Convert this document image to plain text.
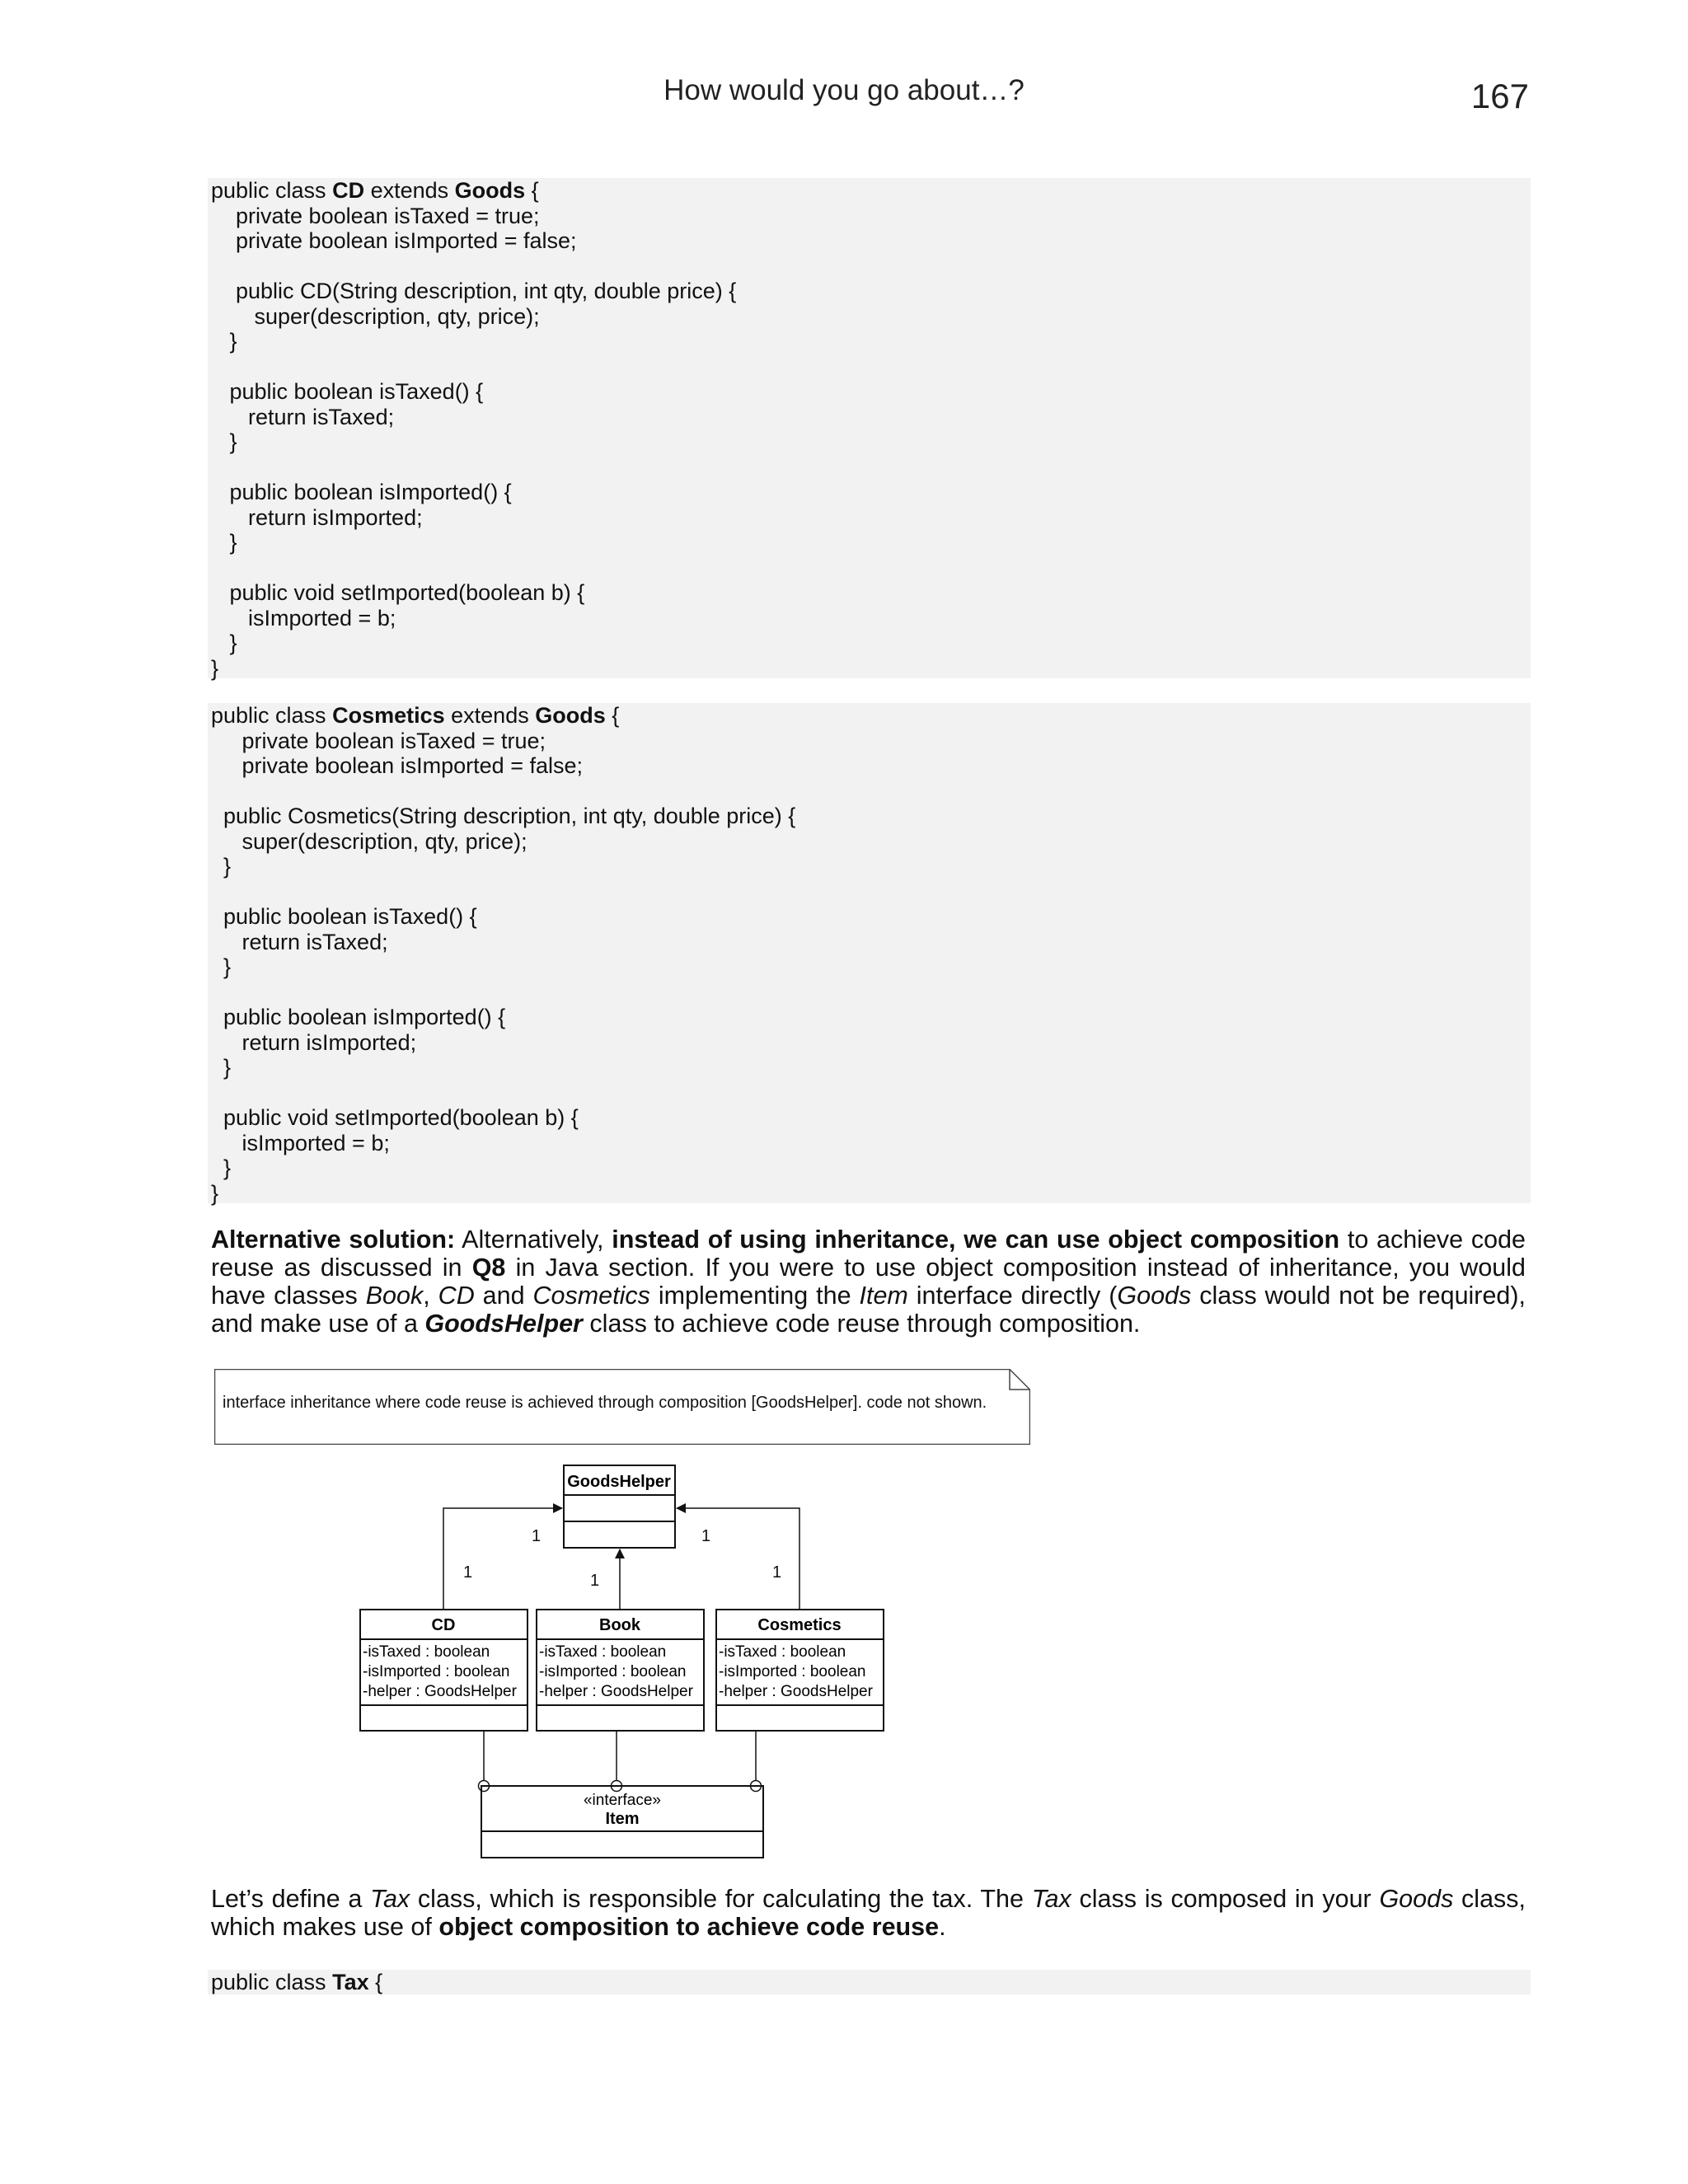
How would you go about…?	167
public class CD extends Goods {
private boolean isTaxed = true;
private boolean isImported = false;
public CD(String description, int qty, double price) {
super(description, qty, price);
}
public boolean isTaxed() {
return isTaxed;
}
public boolean isImported() {
return isImported;
}
public void setImported(boolean b) {
isImported = b;
}
}
public class Cosmetics extends Goods {
private boolean isTaxed = true;
private boolean isImported = false;
public Cosmetics(String description, int qty, double price) {
super(description, qty, price);
}
public boolean isTaxed() {
return isTaxed;
}
public boolean isImported() {
return isImported;
}
public void setImported(boolean b) {
isImported = b;
}
}
Alternative solution: Alternatively, instead of using inheritance, we can use object composition to achieve code reuse as discussed in Q8 in Java section. If you were to use object composition instead of inheritance, you would have classes Book, CD and Cosmetics implementing the Item interface directly (Goods class would not be required), and make use of a GoodsHelper class to achieve code reuse through composition.
interface inheritance where code reuse is achieved through composition [GoodsHelper]. code not shown.
GoodsHelper
1	1
1	1	1
CD
-isTaxed : boolean
-isImported : boolean
-helper : GoodsHelper
Book
-isTaxed : boolean
-isImported : boolean
-helper : GoodsHelper
Cosmetics
-isTaxed : boolean
-isImported : boolean
-helper : GoodsHelper
«interface»
Item
Let’s define a Tax class, which is responsible for calculating the tax. The Tax class is composed in your Goods class, which makes use of object composition to achieve code reuse.
public class Tax {
